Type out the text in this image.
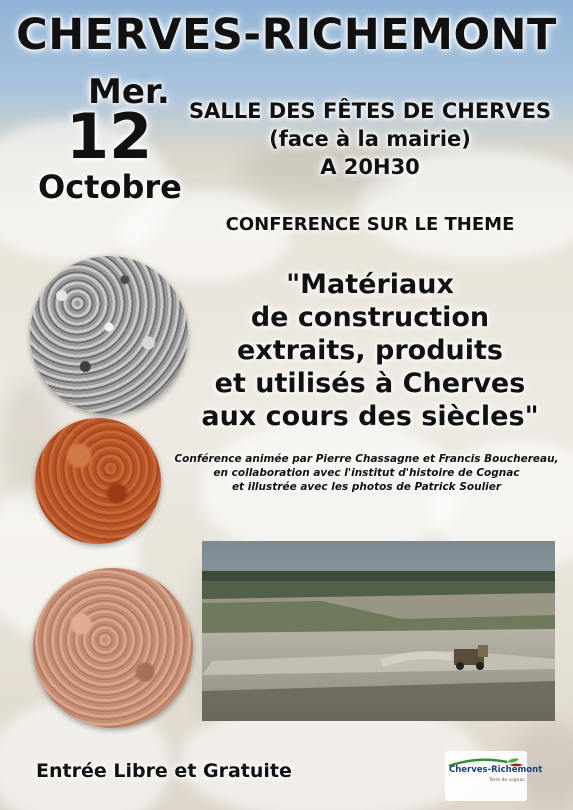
CHERVES-RICHEMONT
Mer.
12
Octobre
SALLE DES FÊTES DE CHERVES
(face à la mairie)
A 20H30
CONFERENCE SUR LE THEME
"Matériaux
de construction
extraits, produits
et utilisés à Cherves
aux cours des siècles"
Conférence animée par Pierre Chassagne et Francis Bouchereau,
en collaboration avec l'institut d'histoire de Cognac
et illustrée avec les photos de Patrick Soulier
Entrée Libre et Gratuite	Cherves-Richemont
Terre de cognac
